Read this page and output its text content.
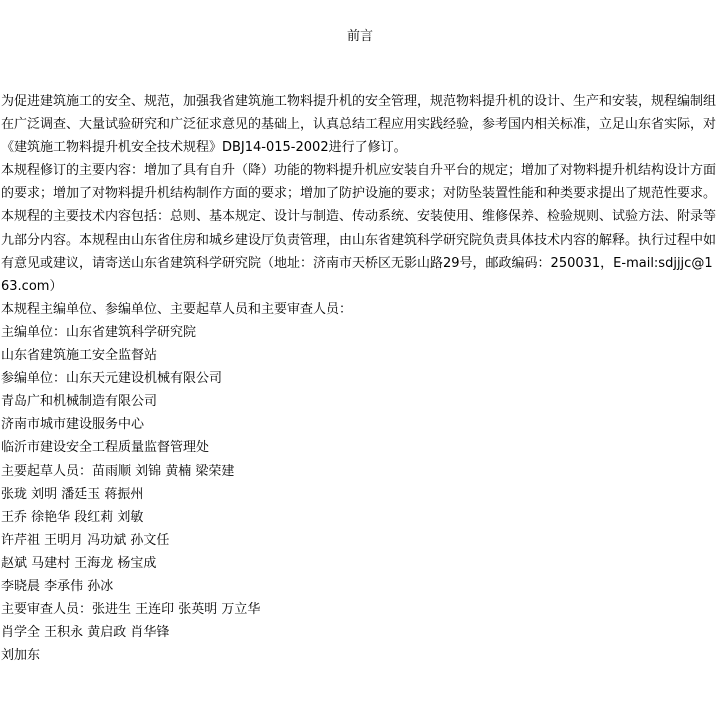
前言

为促进建筑施工的安全、规范，加强我省建筑施工物料提升机的安全管理，规范物料提升机的设计、生产和安装，规程编制组在广泛调查、大量试验研究和广泛征求意见的基础上，认真总结工程应用实践经验，参考国内相关标准，立足山东省实际，对《建筑施工物料提升机安全技术规程》DBJ14-015-2002进行了修订。

本规程修订的主要内容：增加了具有自升（降）功能的物料提升机应安装自升平台的规定；增加了对物料提升机结构设计方面的要求；增加了对物料提升机结构制作方面的要求；增加了防护设施的要求；对防坠装置性能和种类要求提出了规范性要求。

本规程的主要技术内容包括：总则、基本规定、设计与制造、传动系统、安装使用、维修保养、检验规则、试验方法、附录等九部分内容。本规程由山东省住房和城乡建设厅负责管理，由山东省建筑科学研究院负责具体技术内容的解释。执行过程中如有意见或建议，请寄送山东省建筑科学研究院（地址：济南市天桥区无影山路29号，邮政编码：250031，E-mail:sdjjjc@163.com）

本规程主编单位、参编单位、主要起草人员和主要审查人员：

主编单位：山东省建筑科学研究院

山东省建筑施工安全监督站

参编单位：山东天元建设机械有限公司

青岛广和机械制造有限公司

济南市城市建设服务中心

临沂市建设安全工程质量监督管理处

主要起草人员：苗雨顺 刘锦 黄楠 梁荣建

张珑 刘明 潘廷玉 蒋振州

王乔 徐艳华 段红莉 刘敏

许芹祖 王明月 冯功斌 孙文任

赵斌 马建村 王海龙 杨宝成

李晓晨 李承伟 孙冰

主要审查人员：张进生 王连印 张英明 万立华

肖学全 王积永 黄启政 肖华锋

刘加东
